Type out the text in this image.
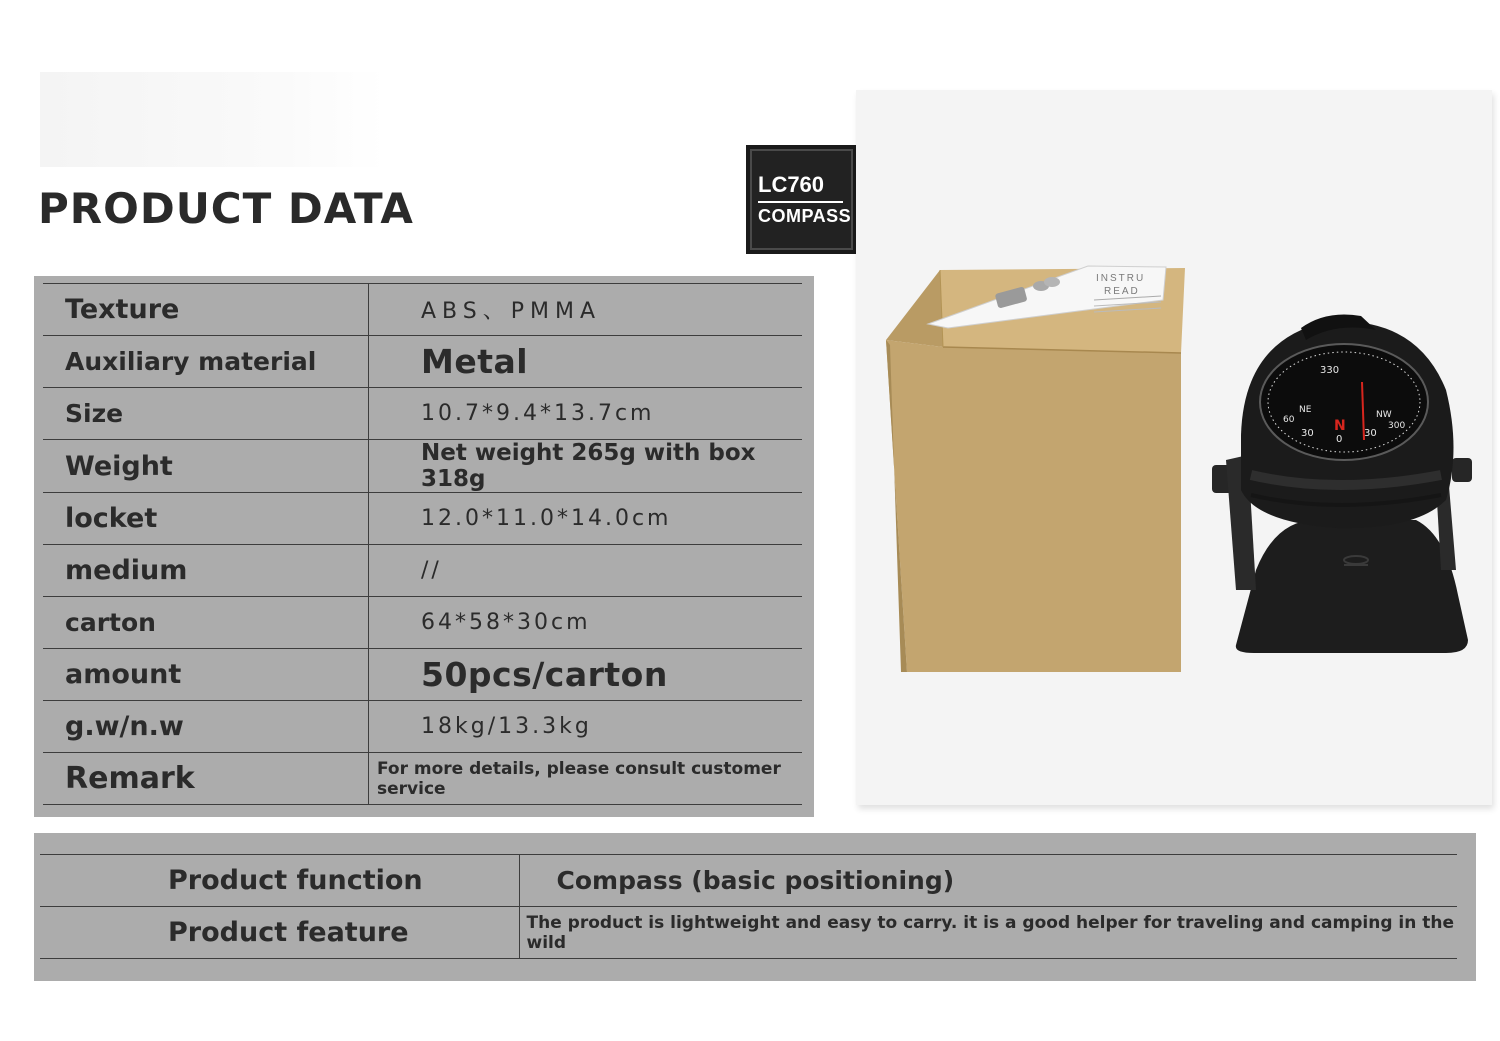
PRODUCT DATA	LC760
COMPASS
Texture	ABS、PMMA
Auxiliary material	Metal
Size	10.7*9.4*13.7cm
Weight	Net weight 265g with box 318g
locket	12.0*11.0*14.0cm
medium	//
carton	64*58*30cm
amount	50pcs/carton
g.w/n.w	18kg/13.3kg
Remark	For more details, please consult customer service
INSTRU
READ
330
N
30
NE	NW
0
30
300
60
Product function	Compass (basic positioning)
Product feature	The product is lightweight and easy to carry. it is a good helper for traveling and camping in the wild
